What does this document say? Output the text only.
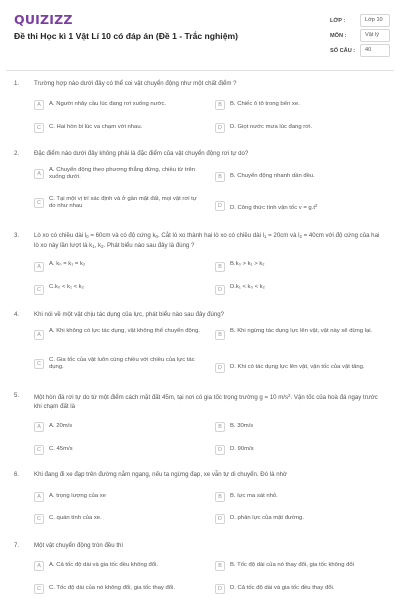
QUIZIZZ
Đề thi Học kì 1 Vật Lí 10 có đáp án (Đề 1 - Trắc nghiệm)
LỚP :	Lớp 10
MÔN :	Vật lý
SỐ CÂU :	40
1. Trường hợp nào dưới đây có thể coi vật chuyển động như một chất điểm ?
A	A. Người nhảy cầu lúc đang rơi xuống nước.	B	B. Chiếc ô tô trong bến xe.
C	C. Hai hòn bi lúc va chạm với nhau.	D	D. Giọt nước mưa lúc đang rơi.
2. Đặc điểm nào dưới đây không phải là đặc điểm của vật chuyển động rơi tự do?
A
A. Chuyển động theo phương thẳng đứng, chiều từ trên xuống dưới.	B	B. Chuyển động nhanh dần đều.
C
C. Tại một vị trí xác định và ở gần mặt đất, mọi vật rơi tự do như nhau	D	D. Công thức tính vận tốc $v = g.t^2$
3. Lò xo có chiều dài l0 = 60cm và có độ cứng k0. Cắt lò xo thành hai lò xo có chiều dài l1 = 20cm và l2 = 40cm với độ cứng của hai lò xo này lần lượt là k1, k2. Phát biểu nào sau đây là đúng ?
A	A. k₀ = k₁ = k₂	B	B.k₀ > k₁ > k₂
C	C.k₀ < k₁ < k₂	D	D.k₁ < k₀ < k₂
4. Khi nói về một vật chịu tác dụng của lực, phát biểu nào sau đây đúng?
A
A. Khi không có lực tác dụng, vật không thể chuyển động.
B
B. Khi ngừng tác dụng lực lên vật, vật này sẽ dừng lại.
C
C. Gia tốc của vật luôn cùng chiều với chiều của lực tác dụng.	D	D. Khi có tác dụng lực lên vật, vận tốc của vật tăng.
5. Một hòn đá rơi tự do từ một điểm cách mặt đất 45m, tại nơi có gia tốc trọng trường g = 10 $m/s^2$. Vận tốc của hoà đá ngay trước khi chạm đất là
A	A. 20m/s	B	B. 30m/s
C	C. 45m/s	D	D. 90m/s
6. Khi đang đi xe đạp trên đường nằm ngang, nếu ta ngừng đạp, xe vẫn tự di chuyển. Đó là nhờ
A	A. trọng lượng của xe	B	B. lực ma sát nhỏ.
C	C. quán tính của xe.	D	D. phản lực của mặt đường.
7. Một vật chuyển động tròn đều thì
A	A. Cả tốc độ dài và gia tốc đều không đổi.	B	B. Tốc độ dài của nó thay đổi, gia tốc không đổi
C	C. Tốc độ dài của nó không đổi, gia tốc thay đổi.	D	D. Cả tốc độ dài và gia tốc đều thay đổi.
